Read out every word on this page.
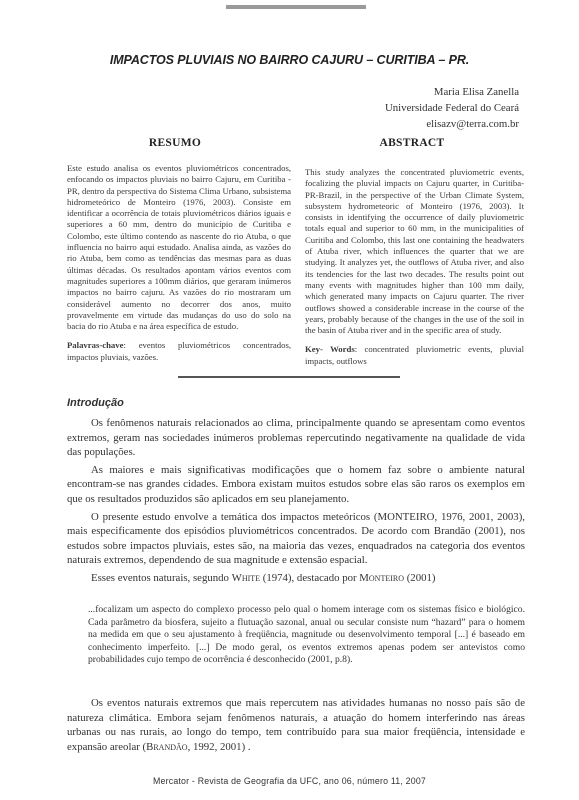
IMPACTOS PLUVIAIS NO BAIRRO CAJURU – CURITIBA – PR.
Maria Elisa Zanella
Universidade Federal do Ceará
elisazv@terra.com.br
RESUMO	ABSTRACT

Este estudo analisa os eventos pluviométricos concentrados, enfocando os impactos pluviais no bairro Cajuru, em Curitiba - PR, dentro da perspectiva do Sistema Clima Urbano, subsistema hidrometeórico de Monteiro (1976, 2003). Consiste em identificar a ocorrência de totais pluviométricos diários iguais e superiores a 60 mm, dentro do município de Curitiba e Colombo, este último contendo as nascente do rio Atuba, o que influencia no bairro aqui estudado. Analisa ainda, as vazões do rio Atuba, bem como as tendências das mesmas para as duas últimas décadas. Os resultados apontam vários eventos com magnitudes superiores a 100mm diários, que geraram inúmeros impactos no bairro cajuru. As vazões do rio mostraram um considerável aumento no decorrer dos anos, muito provavelmente em virtude das mudanças do uso do solo na bacia do rio Atuba e na área específica de estudo.

Palavras-chave: eventos pluviométricos concentrados, impactos pluviais, vazões.

This study analyzes the concentrated pluviometric events, focalizing the pluvial impacts on Cajuru quarter, in Curitiba-PR-Brazil, in the perspective of the Urban Climate System, subsystem hydrometeoric of Monteiro (1976, 2003). It consists in identifying the occurrence of daily pluviometric totals equal and superior to 60 mm, in the municipalities of Curitiba and Colombo, this last one containing the headwaters of Atuba river, which influences the quarter that we are studying. It analyzes yet, the outflows of Atuba river, and also its tendencies for the last two decades. The results point out many events with magnitudes higher than 100 mm daily, which generated many impacts on Cajuru quarter. The river outflows showed a considerable increase in the course of the years, probably because of the changes in the use of the soil in the basin of Atuba river and in the specific area of study.

Key- Words: concentrated pluviometric events, pluvial impacts, outflows

Introdução

Os fenômenos naturais relacionados ao clima, principalmente quando se apresentam como eventos extremos, geram nas sociedades inúmeros problemas repercutindo negativamente na qualidade de vida das populações.

As maiores e mais significativas modificações que o homem faz sobre o ambiente natural encontram-se nas grandes cidades. Embora existam muitos estudos sobre elas são raros os exemplos em que os resultados produzidos são aplicados em seu planejamento.

O presente estudo envolve a temática dos impactos meteóricos (MONTEIRO, 1976, 2001, 2003), mais especificamente dos episódios pluviométricos concentrados. De acordo com Brandão (2001), nos estudos sobre impactos pluviais, estes são, na maioria das vezes, enquadrados na categoria dos eventos naturais extremos, dependendo de sua magnitude e extensão espacial.

Esses eventos naturais, segundo White (1974), destacado por Monteiro (2001)

...focalizam um aspecto do complexo processo pelo qual o homem interage com os sistemas físico e biológico. Cada parâmetro da biosfera, sujeito a flutuação sazonal, anual ou secular consiste num “hazard” para o homem na medida em que o seu ajustamento à freqüência, magnitude ou desenvolvimento temporal [...] é baseado em conhecimento imperfeito. [...] De modo geral, os eventos extremos apenas podem ser antevistos como probabilidades cujo tempo de ocorrência é desconhecido (2001, p.8).

Os eventos naturais extremos que mais repercutem nas atividades humanas no nosso país são de natureza climática. Embora sejam fenômenos naturais, a atuação do homem interferindo nas áreas urbanas ou nas rurais, ao longo do tempo, tem contribuído para sua maior freqüência, intensidade e expansão areolar (Brandão, 1992, 2001) .

Mercator - Revista de Geografia da UFC, ano 06, número 11, 2007
